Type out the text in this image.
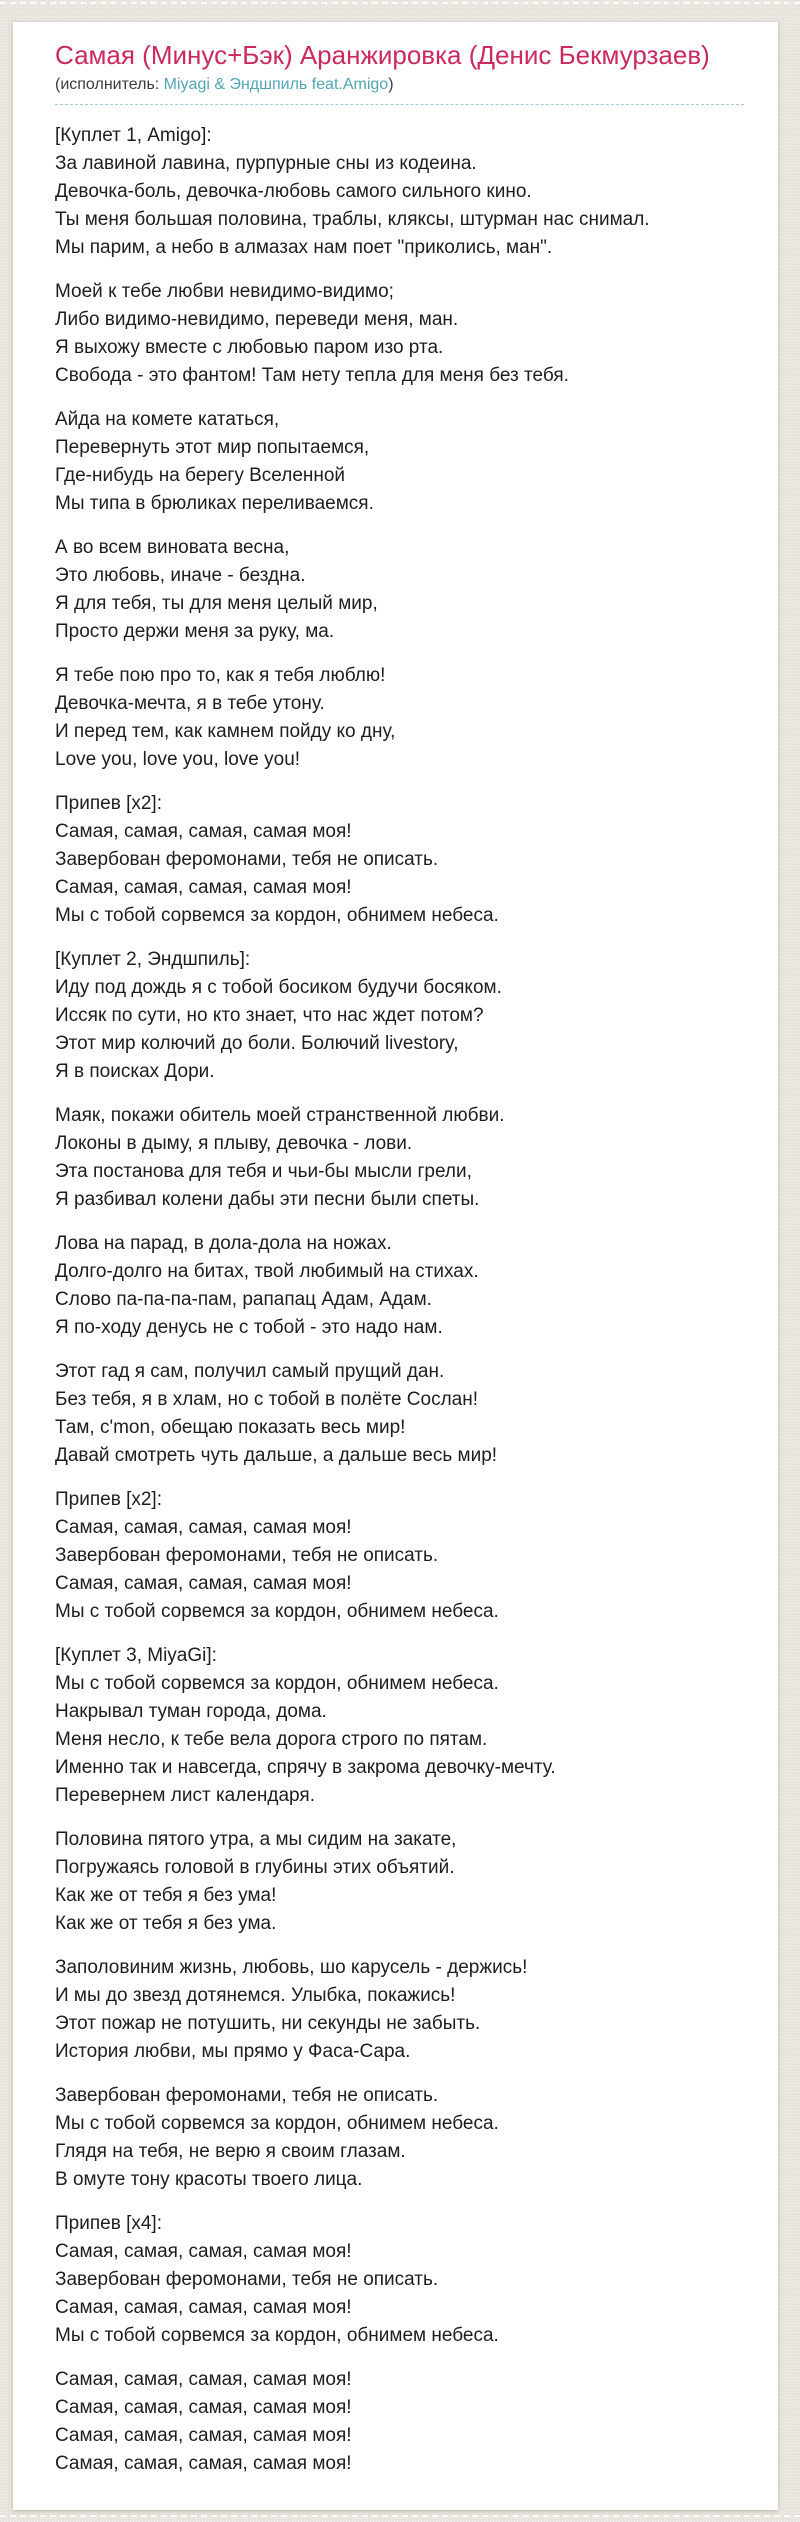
Самая (Минус+Бэк) Аранжировка (Денис Бекмурзаев)
(исполнитель: Miyagi & Эндшпиль feat.Amigo)

[Куплет 1, Amigo]:
За лавиной лавина, пурпурные сны из кодеина.
Девочка-боль, девочка-любовь самого сильного кино.
Ты меня большая половина, траблы, кляксы, штурман нас снимал.
Мы парим, а небо в алмазах нам поет "приколись, ман".

Моей к тебе любви невидимо-видимо;
Либо видимо-невидимо, переведи меня, ман.
Я выхожу вместе с любовью паром изо рта.
Свобода - это фантом! Там нету тепла для меня без тебя.

Айда на комете кататься,
Перевернуть этот мир попытаемся,
Где-нибудь на берегу Вселенной
Мы типа в брюликах переливаемся.

А во всем виновата весна,
Это любовь, иначе - бездна.
Я для тебя, ты для меня целый мир,
Просто держи меня за руку, ма.

Я тебе пою про то, как я тебя люблю!
Девочка-мечта, я в тебе утону.
И перед тем, как камнем пойду ко дну,
Love you, love you, love you!

Припев [x2]:
Самая, самая, самая, самая моя!
Завербован феромонами, тебя не описать.
Самая, самая, самая, самая моя!
Мы с тобой сорвемся за кордон, обнимем небеса.

[Куплет 2, Эндшпиль]:
Иду под дождь я с тобой босиком будучи босяком.
Иссяк по сути, но кто знает, что нас ждет потом?
Этот мир колючий до боли. Болючий livestory,
Я в поисках Дори.

Маяк, покажи обитель моей странственной любви.
Локоны в дыму, я плыву, девочка - лови.
Эта постанова для тебя и чьи-бы мысли грели,
Я разбивал колени дабы эти песни были спеты.

Лова на парад, в дола-дола на ножах.
Долго-долго на битах, твой любимый на стихах.
Слово па-па-па-пам, рапапац Адам, Адам.
Я по-ходу денусь не с тобой - это надо нам.

Этот гад я сам, получил самый прущий дан.
Без тебя, я в хлам, но с тобой в полёте Сослан!
Там, c'mon, обещаю показать весь мир!
Давай смотреть чуть дальше, а дальше весь мир!

Припев [x2]:
Самая, самая, самая, самая моя!
Завербован феромонами, тебя не описать.
Самая, самая, самая, самая моя!
Мы с тобой сорвемся за кордон, обнимем небеса.

[Куплет 3, MiyaGi]:
Мы с тобой сорвемся за кордон, обнимем небеса.
Накрывал туман города, дома.
Меня несло, к тебе вела дорога строго по пятам.
Именно так и навсегда, спрячу в закрома девочку-мечту.
Перевернем лист календаря.

Половина пятого утра, а мы сидим на закате,
Погружаясь головой в глубины этих объятий.
Как же от тебя я без ума!
Как же от тебя я без ума.

Заполовиним жизнь, любовь, шо карусель - держись!
И мы до звезд дотянемся. Улыбка, покажись!
Этот пожар не потушить, ни секунды не забыть.
История любви, мы прямо у Фаса-Сара.

Завербован феромонами, тебя не описать.
Мы с тобой сорвемся за кордон, обнимем небеса.
Глядя на тебя, не верю я своим глазам.
В омуте тону красоты твоего лица.

Припев [x4]:
Самая, самая, самая, самая моя!
Завербован феромонами, тебя не описать.
Самая, самая, самая, самая моя!
Мы с тобой сорвемся за кордон, обнимем небеса.

Самая, самая, самая, самая моя!
Самая, самая, самая, самая моя!
Самая, самая, самая, самая моя!
Самая, самая, самая, самая моя!
